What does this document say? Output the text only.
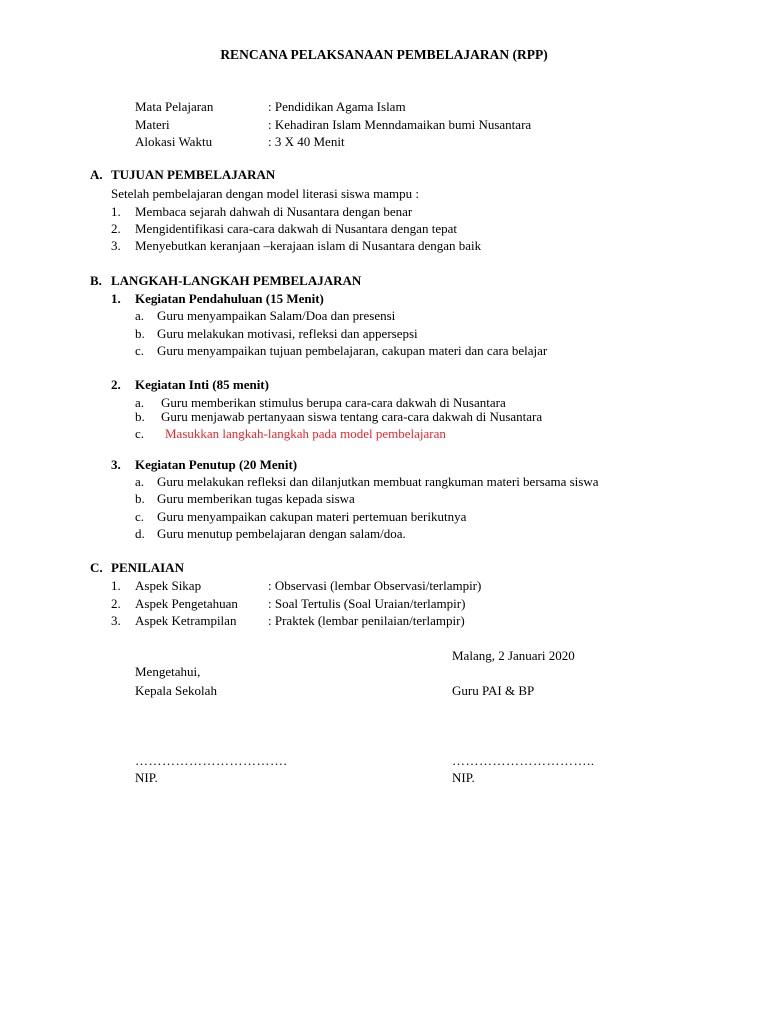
RENCANA PELAKSANAAN PEMBELAJARAN (RPP)
Mata Pelajaran	: Pendidikan Agama Islam
Materi	: Kehadiran Islam Menndamaikan bumi Nusantara
Alokasi Waktu	: 3 X 40 Menit
A. TUJUAN PEMBELAJARAN
Setelah pembelajaran dengan model literasi siswa mampu :
1. Membaca sejarah dahwah di Nusantara dengan benar
2. Mengidentifikasi cara-cara dakwah di Nusantara dengan tepat
3. Menyebutkan keranjaan –kerajaan islam di Nusantara dengan baik
B. LANGKAH-LANGKAH PEMBELAJARAN
1. Kegiatan Pendahuluan (15 Menit)
a. Guru menyampaikan Salam/Doa dan presensi
b. Guru melakukan motivasi, refleksi dan appersepsi
c. Guru menyampaikan tujuan pembelajaran, cakupan materi dan cara belajar
2. Kegiatan Inti (85 menit)
a. Guru memberikan stimulus berupa cara-cara dakwah di Nusantara
b. Guru menjawab pertanyaan siswa tentang cara-cara dakwah di Nusantara
c. Masukkan langkah-langkah pada model pembelajaran
3. Kegiatan Penutup (20 Menit)
a. Guru melakukan refleksi dan dilanjutkan membuat rangkuman materi bersama siswa
b. Guru memberikan tugas kepada siswa
c. Guru menyampaikan cakupan materi pertemuan berikutnya
d. Guru menutup pembelajaran dengan salam/doa.
C. PENILAIAN
1. Aspek Sikap	: Observasi (lembar Observasi/terlampir)
2. Aspek Pengetahuan : Soal Tertulis (Soal Uraian/terlampir)
3. Aspek Ketrampilan : Praktek (lembar penilaian/terlampir)
Malang, 2 Januari 2020
Mengetahui,
Kepala Sekolah	Guru PAI & BP
…………………………….	…………………………..
NIP.	NIP.
